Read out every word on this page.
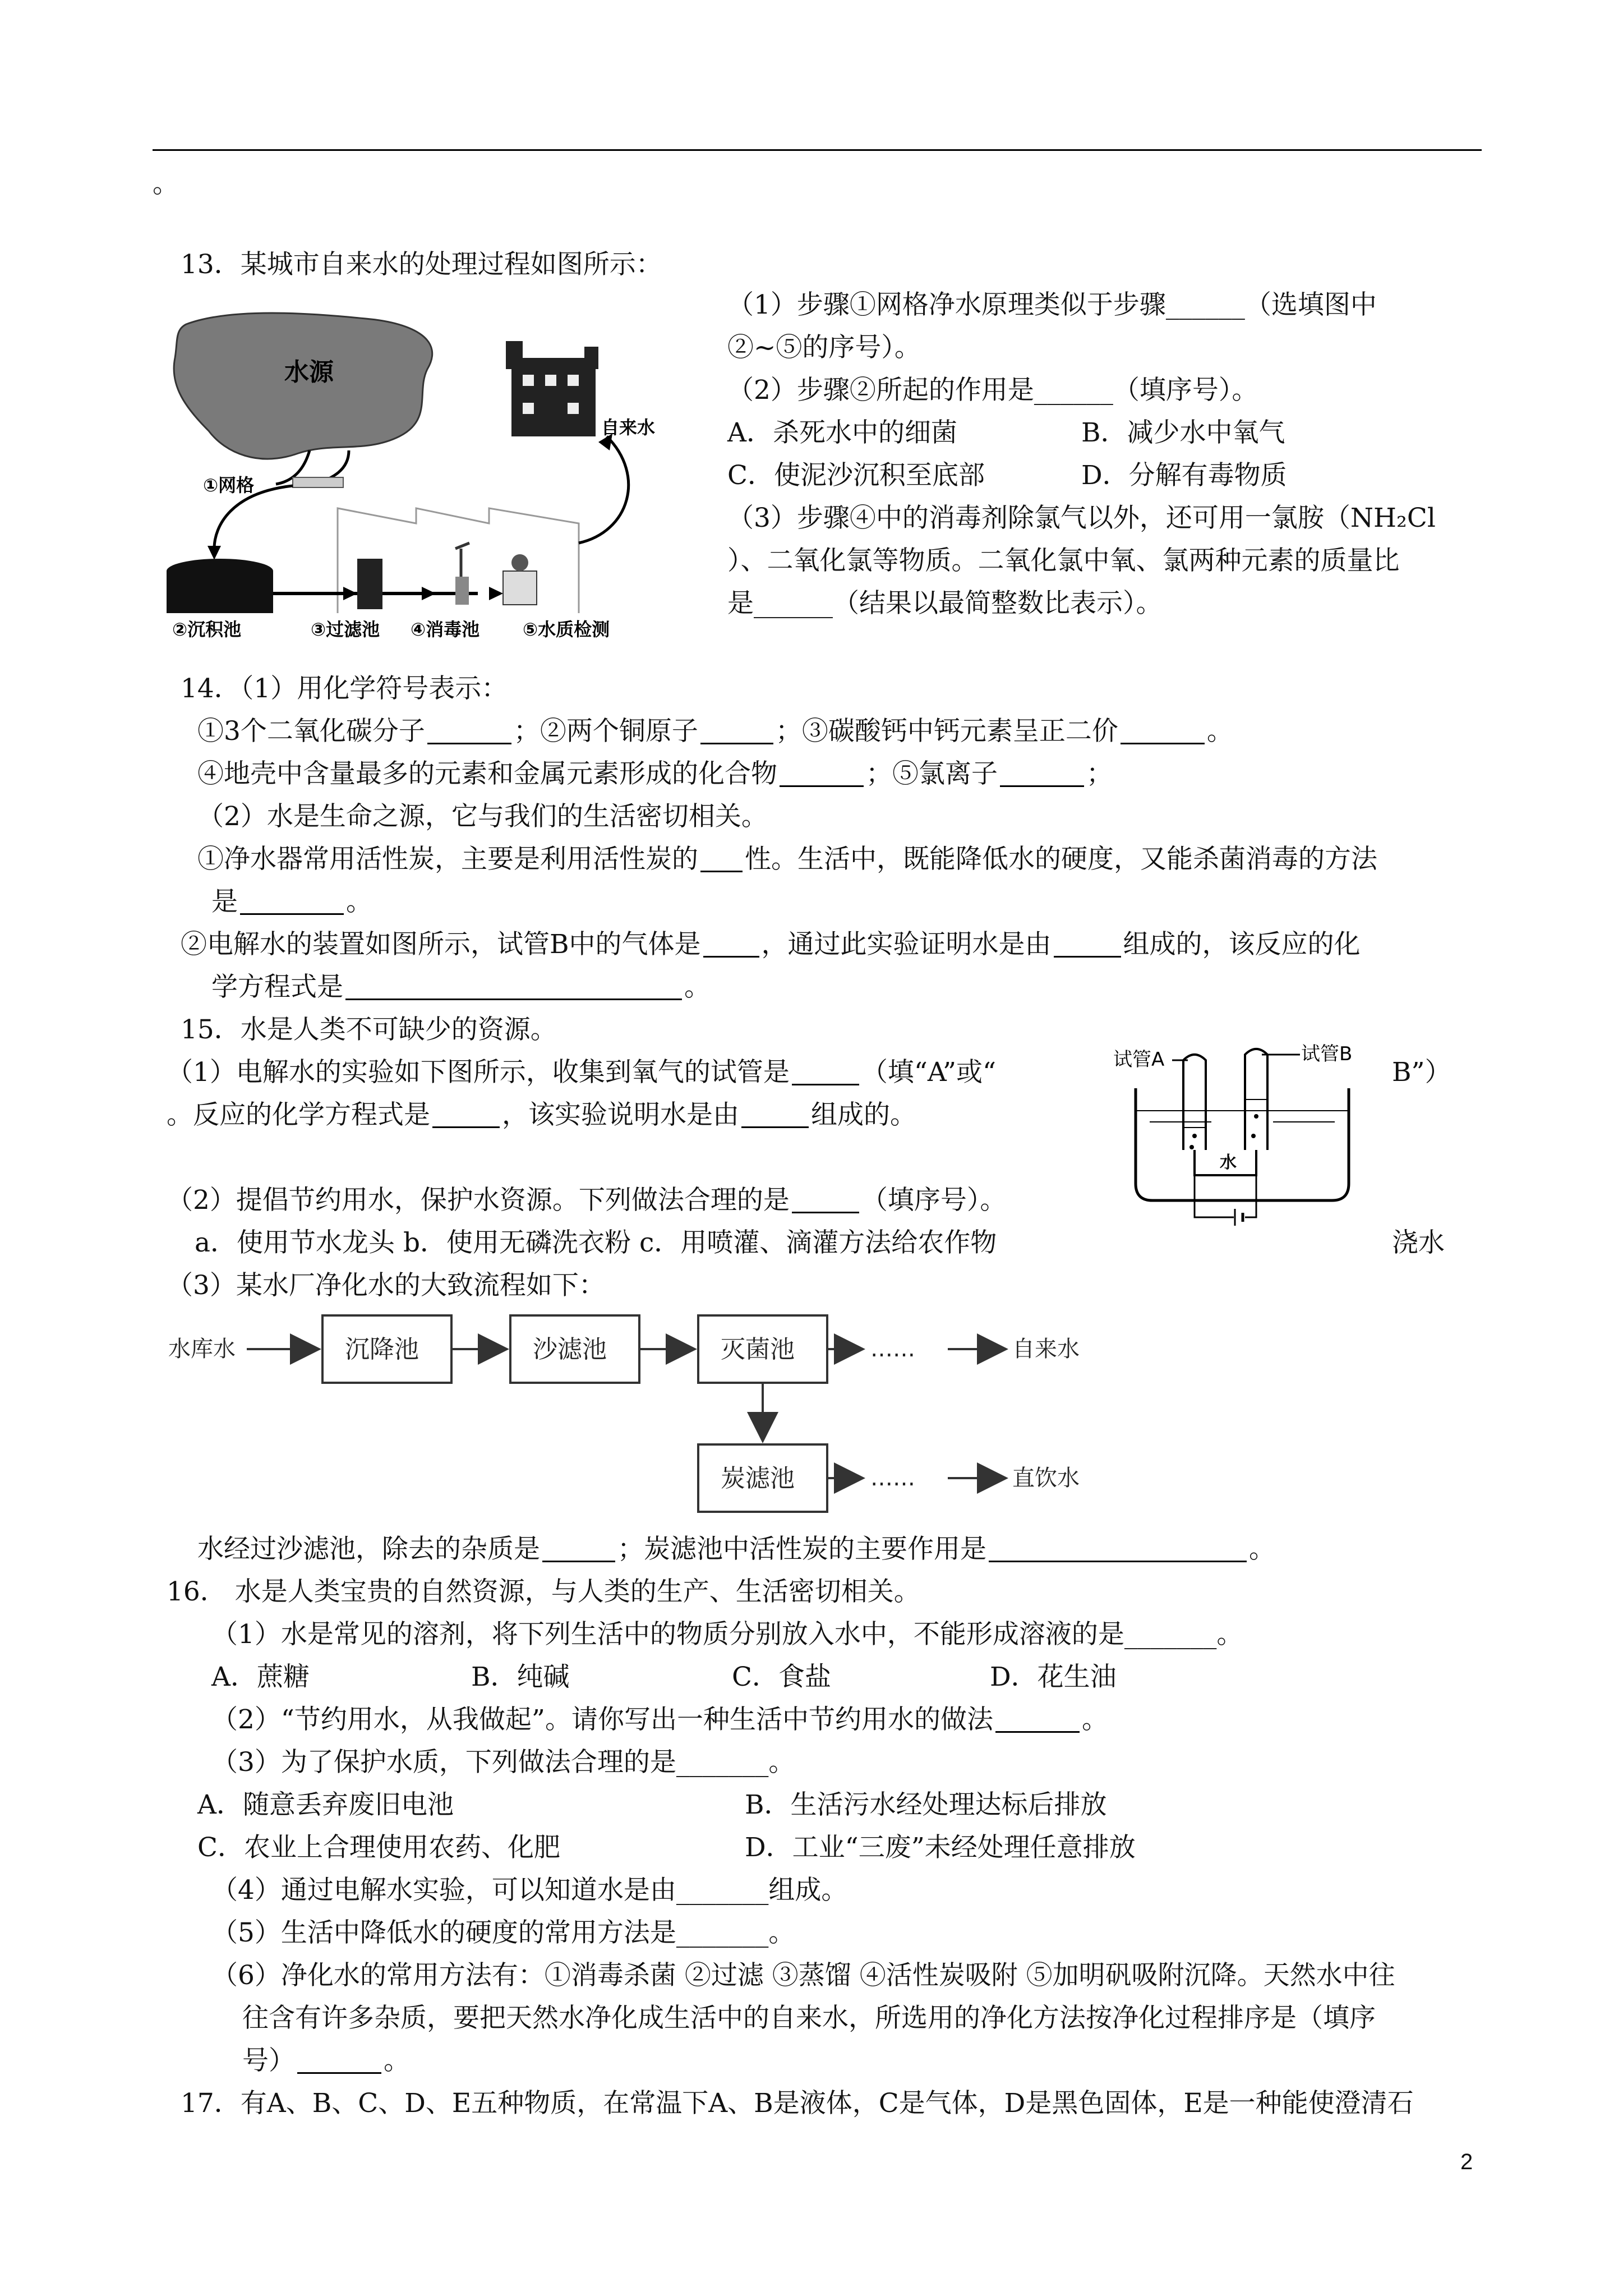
。
13．某城市自来水的处理过程如图所示：
水源
自来水
①网格
②沉积池	③过滤池 ④消毒池 ⑤水质检测
（1）步骤①网格净水原理类似于步骤______（选填图中
②~⑤的序号）。
（2）步骤②所起的作用是______（填序号）。
A．杀死水中的细菌	B．减少水中氧气
C．使泥沙沉积至底部	D．分解有毒物质
（3）步骤④中的消毒剂除氯气以外，还可用一氯胺（NH₂Cl
）、二氧化氯等物质。二氧化氯中氧、氯两种元素的质量比
是______（结果以最简整数比表示）。
14．（1）用化学符号表示：
①3个二氧化碳分子	；②两个铜原子	；③碳酸钙中钙元素呈正二价	。
④地壳中含量最多的元素和金属元素形成的化合物	；⑤氯离子	；
（2）水是生命之源，它与我们的生活密切相关。
①净水器常用活性炭，主要是利用活性炭的 性。生活中，既能降低水的硬度，又能杀菌消毒的方法
是	。
②电解水的装置如图所示，试管B中的气体是 ，通过此实验证明水是由	组成的，该反应的化
学方程式是	。
15．水是人类不可缺少的资源。
（1）电解水的实验如下图所示，收集到氧气的试管是	（填“A”或“	B”）
。反应的化学方程式是	，该实验说明水是由	组成的。
试管A	试管B
水
（2）提倡节约用水，保护水资源。下列做法合理的是	（填序号）。
a．使用节水龙头 b．使用无磷洗衣粉 c．用喷灌、滴灌方法给农作物	浇水
（3）某水厂净化水的大致流程如下：
水库水	沉降池	沙滤池	灭菌池	……	自来水
炭滤池	……	直饮水
水经过沙滤池，除去的杂质是	；炭滤池中活性炭的主要作用是	。
16． 水是人类宝贵的自然资源，与人类的生产、生活密切相关。
（1）水是常见的溶剂，将下列生活中的物质分别放入水中，不能形成溶液的是_______。
A．蔗糖	B．纯碱	C．食盐	D．花生油
（2）“节约用水，从我做起”。请你写出一种生活中节约用水的做法	。
（3）为了保护水质，下列做法合理的是_______。
A．随意丢弃废旧电池	B．生活污水经处理达标后排放
C．农业上合理使用农药、化肥	D．工业“三废”未经处理任意排放
（4）通过电解水实验，可以知道水是由_______组成。
（5）生活中降低水的硬度的常用方法是_______。
（6）净化水的常用方法有：①消毒杀菌 ②过滤 ③蒸馏 ④活性炭吸附 ⑤加明矾吸附沉降。天然水中往
往含有许多杂质，要把天然水净化成生活中的自来水，所选用的净化方法按净化过程排序是（填序
号）	。
17．有A、B、C、D、E五种物质，在常温下A、B是液体，C是气体，D是黑色固体，E是一种能使澄清石
2
